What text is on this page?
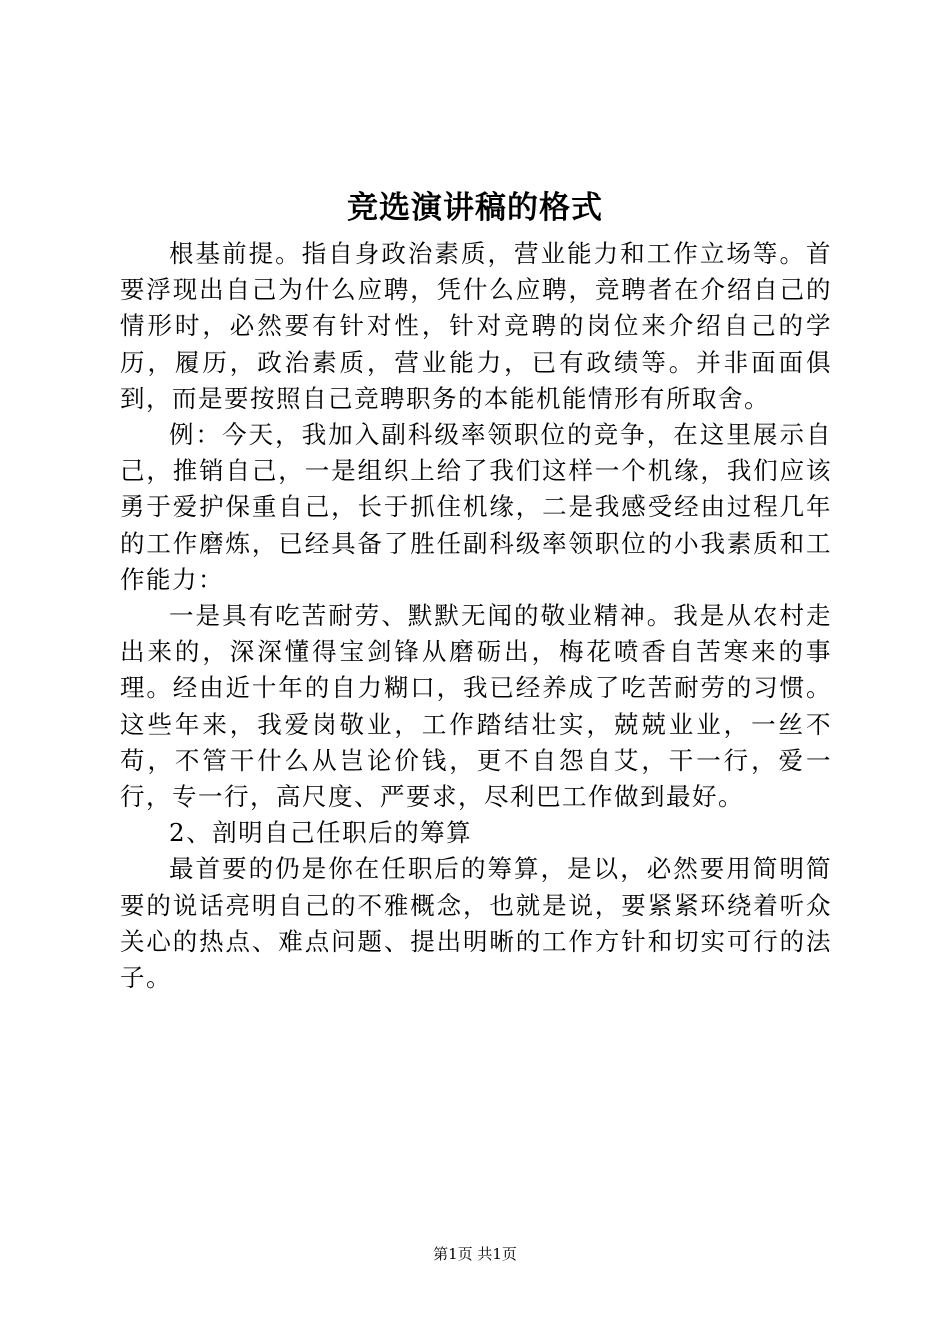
竞选演讲稿的格式

根基前提。指自身政治素质，营业能力和工作立场等。首要浮现出自己为什么应聘，凭什么应聘，竞聘者在介绍自己的情形时，必然要有针对性，针对竞聘的岗位来介绍自己的学历，履历，政治素质，营业能力，已有政绩等。并非面面俱到，而是要按照自己竞聘职务的本能机能情形有所取舍。

例：今天，我加入副科级率领职位的竞争，在这里展示自己，推销自己，一是组织上给了我们这样一个机缘，我们应该勇于爱护保重自己，长于抓住机缘，二是我感受经由过程几年的工作磨炼，已经具备了胜任副科级率领职位的小我素质和工作能力：

一是具有吃苦耐劳、默默无闻的敬业精神。我是从农村走出来的，深深懂得宝剑锋从磨砺出，梅花喷香自苦寒来的事理。经由近十年的自力糊口，我已经养成了吃苦耐劳的习惯。这些年来，我爱岗敬业，工作踏结壮实，兢兢业业，一丝不苟，不管干什么从岂论价钱，更不自怨自艾，干一行，爱一行，专一行，高尺度、严要求，尽利巴工作做到最好。

2、剖明自己任职后的筹算

最首要的仍是你在任职后的筹算，是以，必然要用简明简要的说话亮明自己的不雅概念，也就是说，要紧紧环绕着听众关心的热点、难点问题、提出明晰的工作方针和切实可行的法子。

第1页 共1页
